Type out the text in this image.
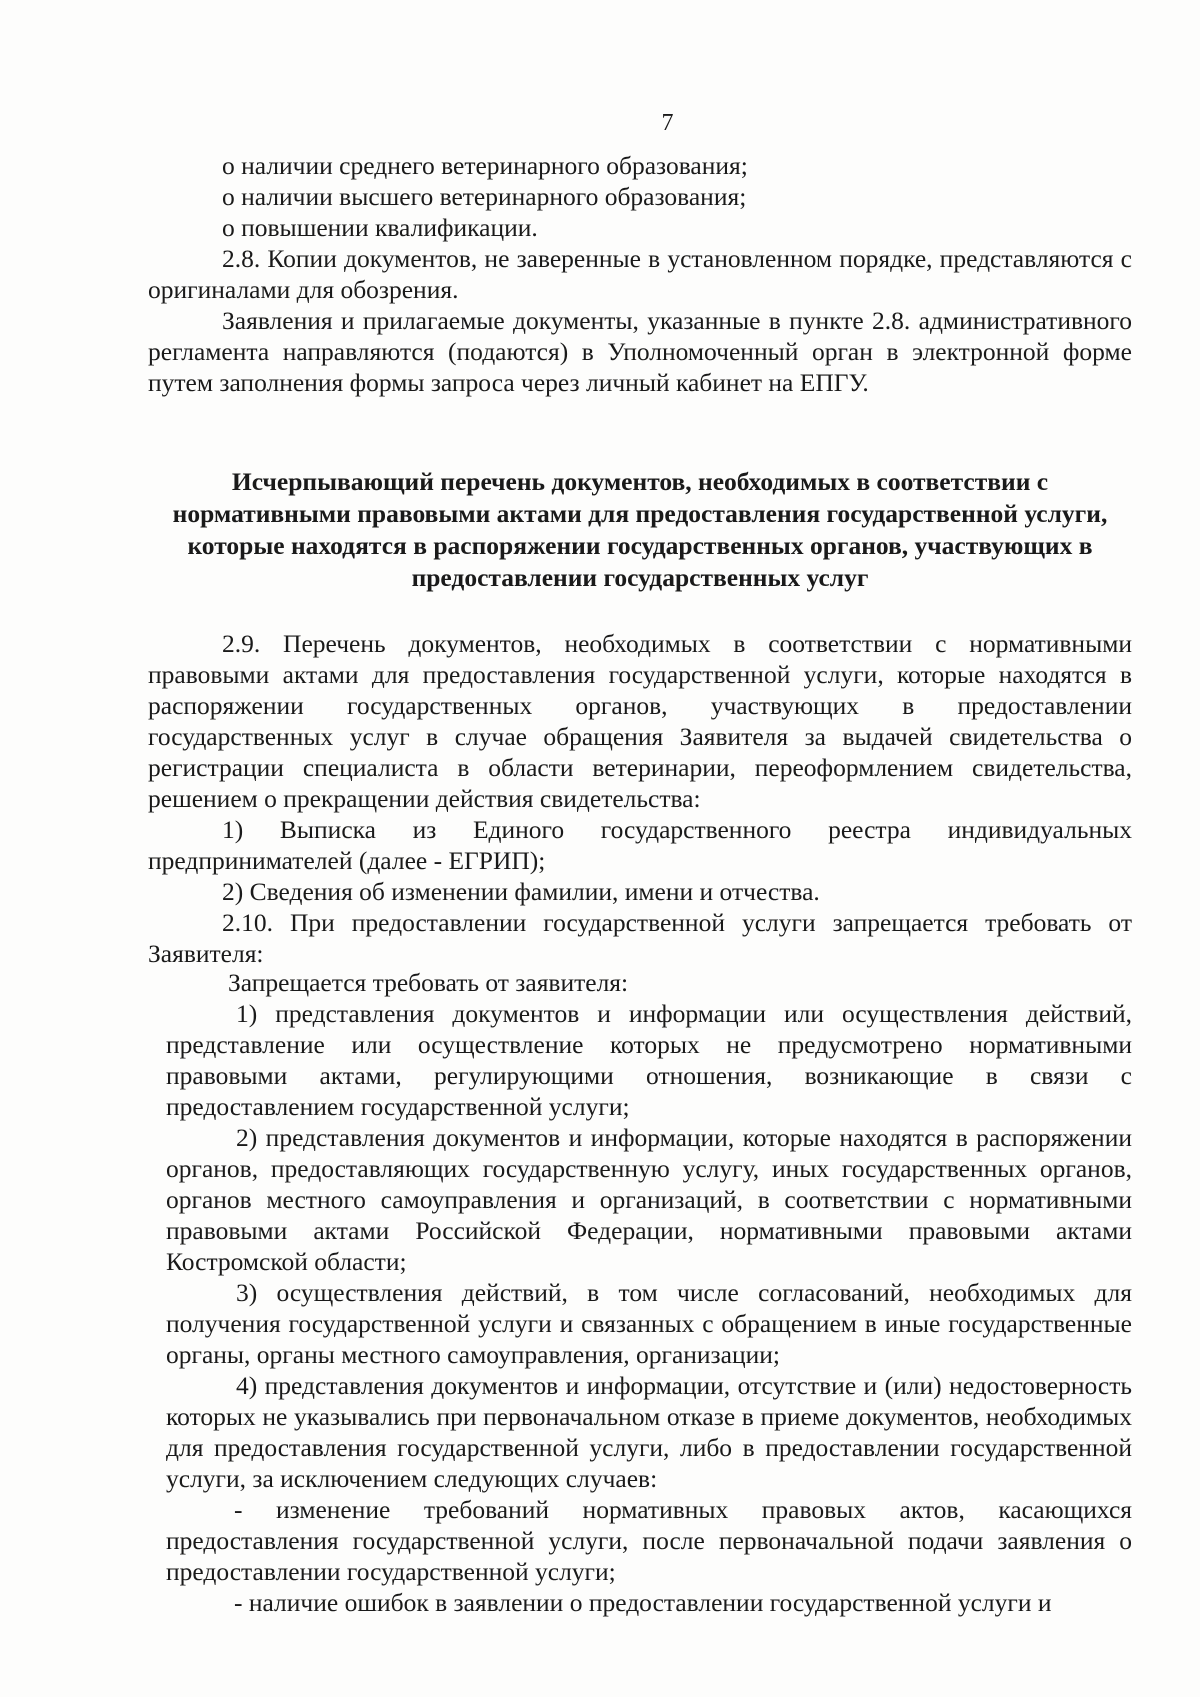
7

о наличии среднего ветеринарного образования;

о наличии высшего ветеринарного образования;

о повышении квалификации.

2.8. Копии документов, не заверенные в установленном порядке, представляются с оригиналами для обозрения.

Заявления и прилагаемые документы, указанные в пункте 2.8. административного регламента направляются (подаются) в Уполномоченный орган в электронной форме путем заполнения формы запроса через личный кабинет на ЕПГУ.

Исчерпывающий перечень документов, необходимых в соответствии с нормативными правовыми актами для предоставления государственной услуги, которые находятся в распоряжении государственных органов, участвующих в предоставлении государственных услуг

2.9. Перечень документов, необходимых в соответствии с нормативными правовыми актами для предоставления государственной услуги, которые находятся в распоряжении государственных органов, участвующих в предоставлении государственных услуг в случае обращения Заявителя за выдачей свидетельства о регистрации специалиста в области ветеринарии, переоформлением свидетельства, решением о прекращении действия свидетельства:

1) Выписка из Единого государственного реестра индивидуальных предпринимателей (далее - ЕГРИП);

2) Сведения об изменении фамилии, имени и отчества.

2.10. При предоставлении государственной услуги запрещается требовать от Заявителя:

Запрещается требовать от заявителя:

1) представления документов и информации или осуществления действий, представление или осуществление которых не предусмотрено нормативными правовыми актами, регулирующими отношения, возникающие в связи с предоставлением государственной услуги;

2) представления документов и информации, которые находятся в распоряжении органов, предоставляющих государственную услугу, иных государственных органов, органов местного самоуправления и организаций, в соответствии с нормативными правовыми актами Российской Федерации, нормативными правовыми актами Костромской области;

3) осуществления действий, в том числе согласований, необходимых для получения государственной услуги и связанных с обращением в иные государственные органы, органы местного самоуправления, организации;

4) представления документов и информации, отсутствие и (или) недостоверность которых не указывались при первоначальном отказе в приеме документов, необходимых для предоставления государственной услуги, либо в предоставлении государственной услуги, за исключением следующих случаев:

- изменение требований нормативных правовых актов, касающихся предоставления государственной услуги, после первоначальной подачи заявления о предоставлении государственной услуги;

- наличие ошибок в заявлении о предоставлении государственной услуги и
